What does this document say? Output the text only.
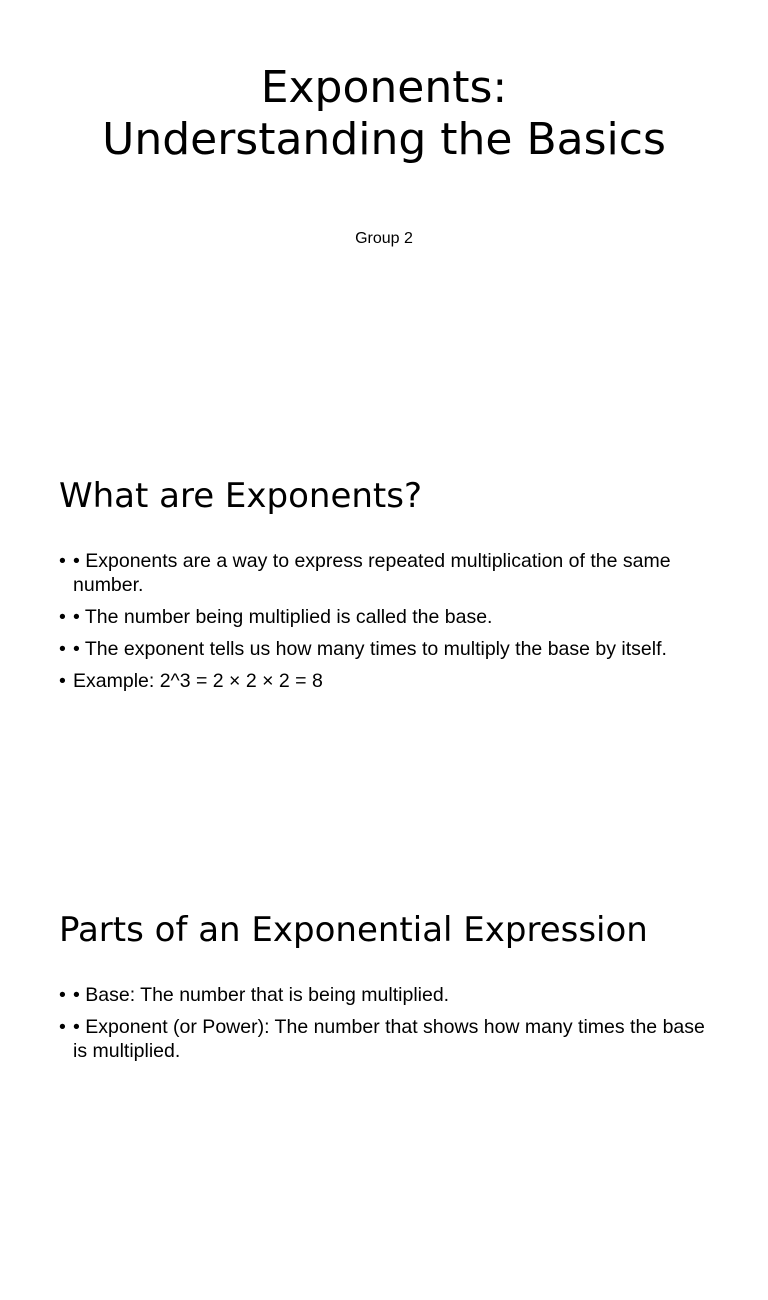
Exponents: Understanding the Basics

Group 2

What are Exponents?
• • Exponents are a way to express repeated multiplication of the same number.
• • The number being multiplied is called the base.
• • The exponent tells us how many times to multiply the base by itself.
• Example: 2^3 = 2 × 2 × 2 = 8
Parts of an Exponential Expression
• • Base: The number that is being multiplied.
• • Exponent (or Power): The number that shows how many times the base is multiplied.
